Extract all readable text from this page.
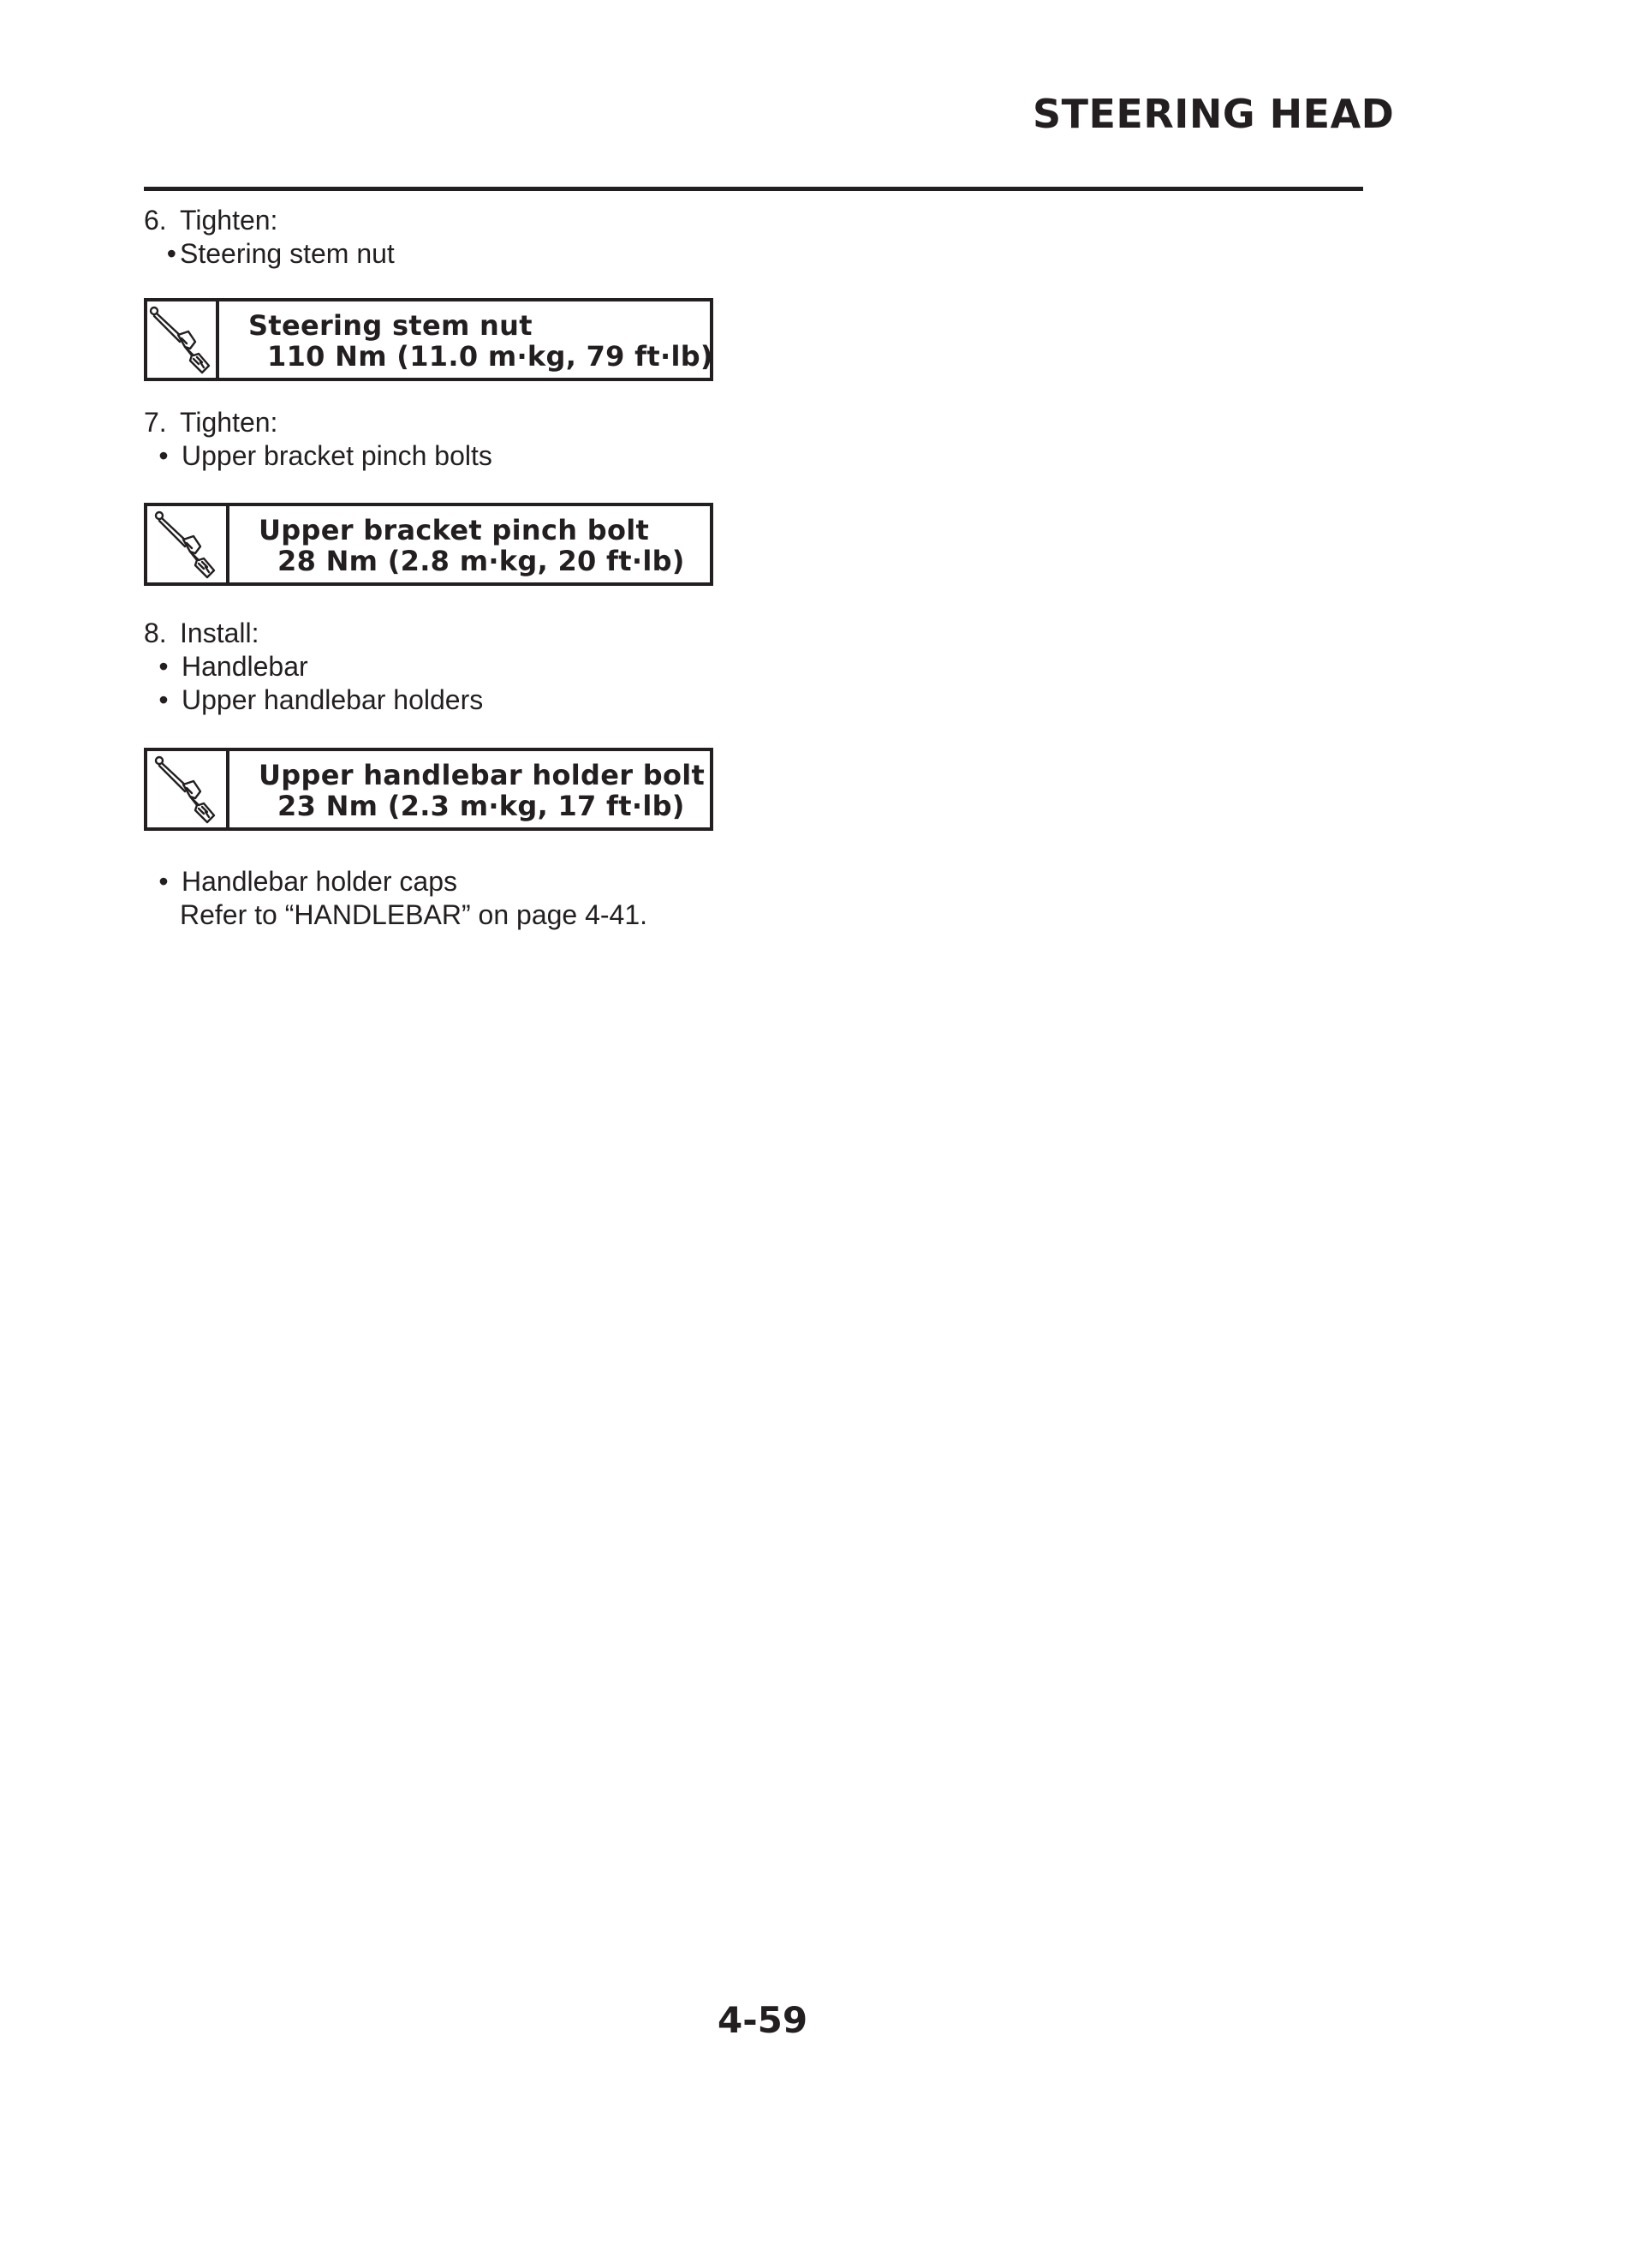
STEERING HEAD
6. Tighten:
• Steering stem nut
7. Tighten:
• Upper bracket pinch bolts
8. Install:
• Handlebar
• Upper handlebar holders
• Handlebar holder caps
Refer to “HANDLEBAR” on page 4-41.
Steering stem nut
110 Nm (11.0 m·kg, 79 ft·lb)
Upper bracket pinch bolt
28 Nm (2.8 m·kg, 20 ft·lb)
Upper handlebar holder bolt
23 Nm (2.3 m·kg, 17 ft·lb)
4-59
